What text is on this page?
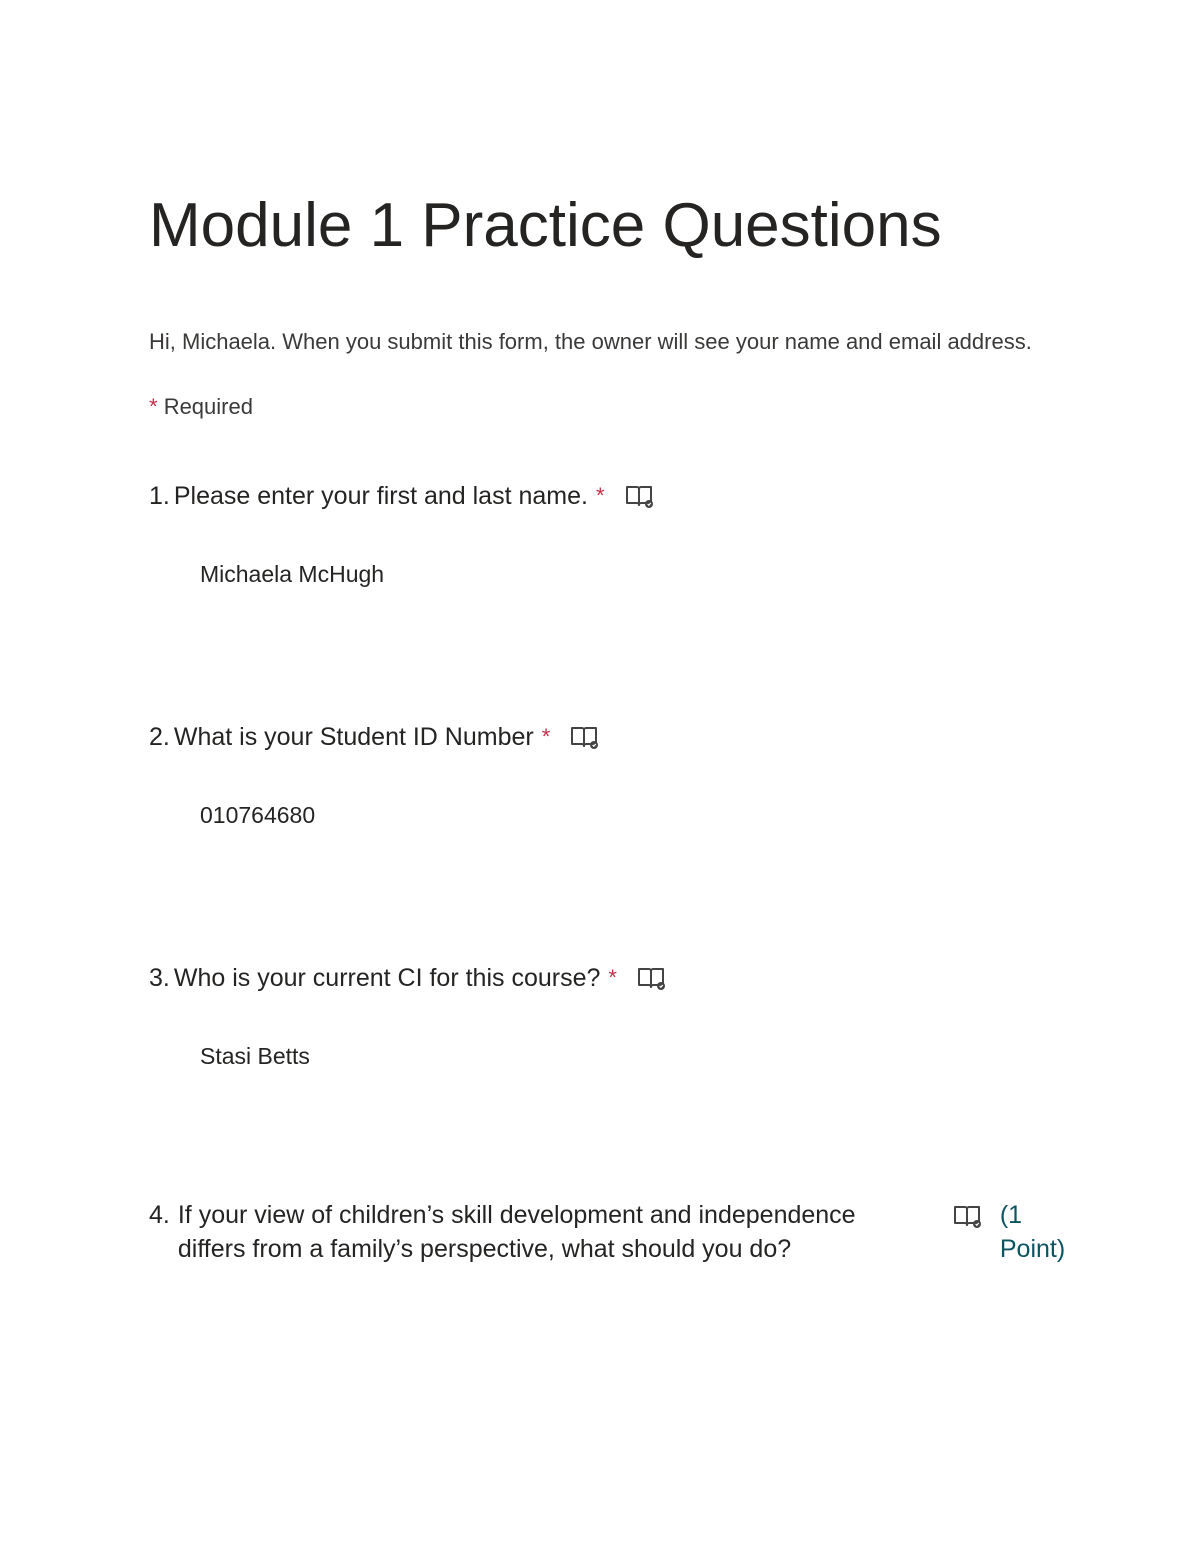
Module 1 Practice Questions
Hi, Michaela. When you submit this form, the owner will see your name and email address.
* Required
1. Please enter your first and last name. *
Michaela McHugh
2. What is your Student ID Number *
010764680
3. Who is your current CI for this course? *
Stasi Betts
4. If your view of children’s skill development and independence differs from a family’s perspective, what should you do?
(1 Point)
